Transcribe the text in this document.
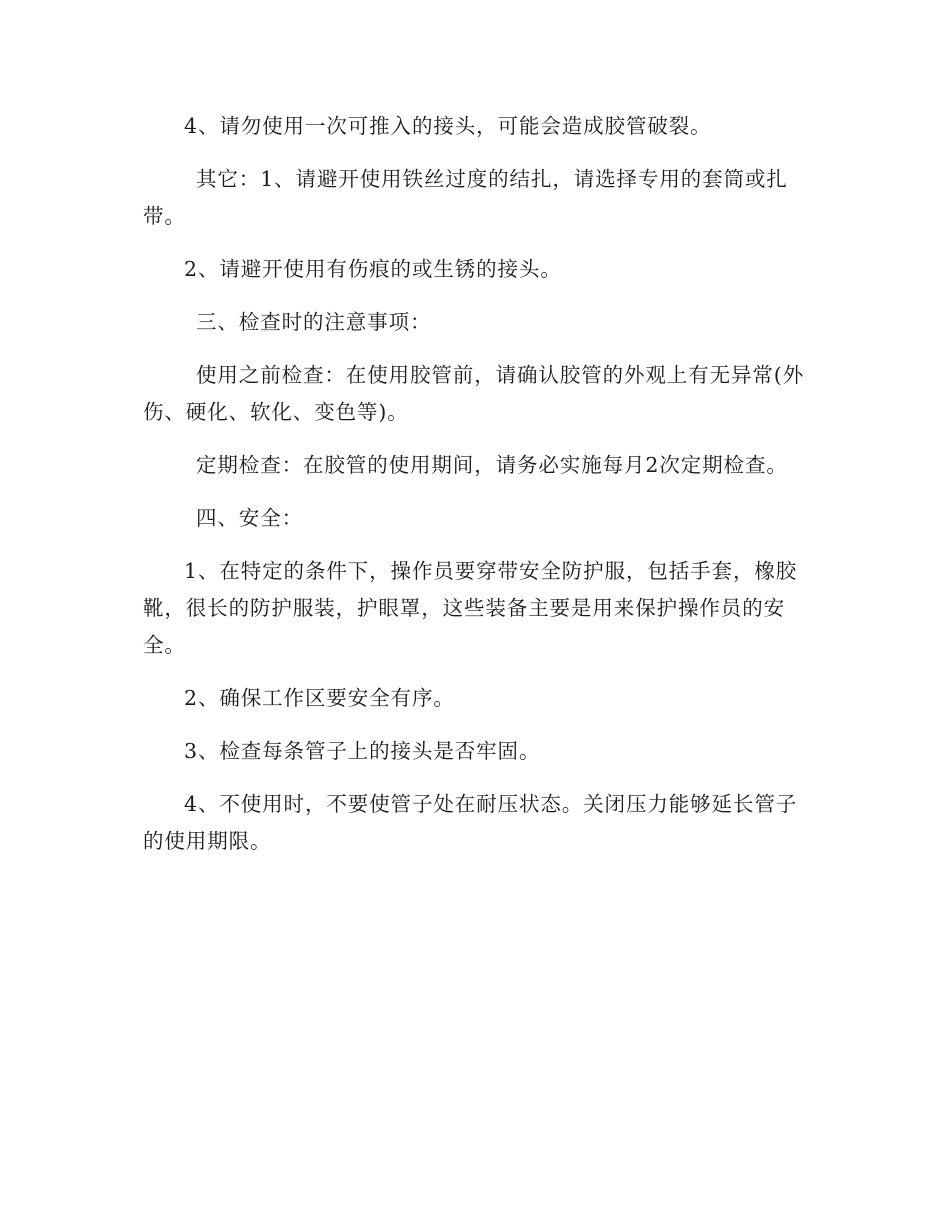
4、请勿使用一次可推入的接头，可能会造成胶管破裂。

其它：1、请避开使用铁丝过度的结扎，请选择专用的套筒或扎带。

2、请避开使用有伤痕的或生锈的接头。

三、检查时的注意事项：

使用之前检查：在使用胶管前，请确认胶管的外观上有无异常(外伤、硬化、软化、变色等)。

定期检查：在胶管的使用期间，请务必实施每月2次定期检查。

四、安全：

1、在特定的条件下，操作员要穿带安全防护服，包括手套，橡胶靴，很长的防护服装，护眼罩，这些装备主要是用来保护操作员的安全。

2、确保工作区要安全有序。

3、检查每条管子上的接头是否牢固。

4、不使用时，不要使管子处在耐压状态。关闭压力能够延长管子的使用期限。
